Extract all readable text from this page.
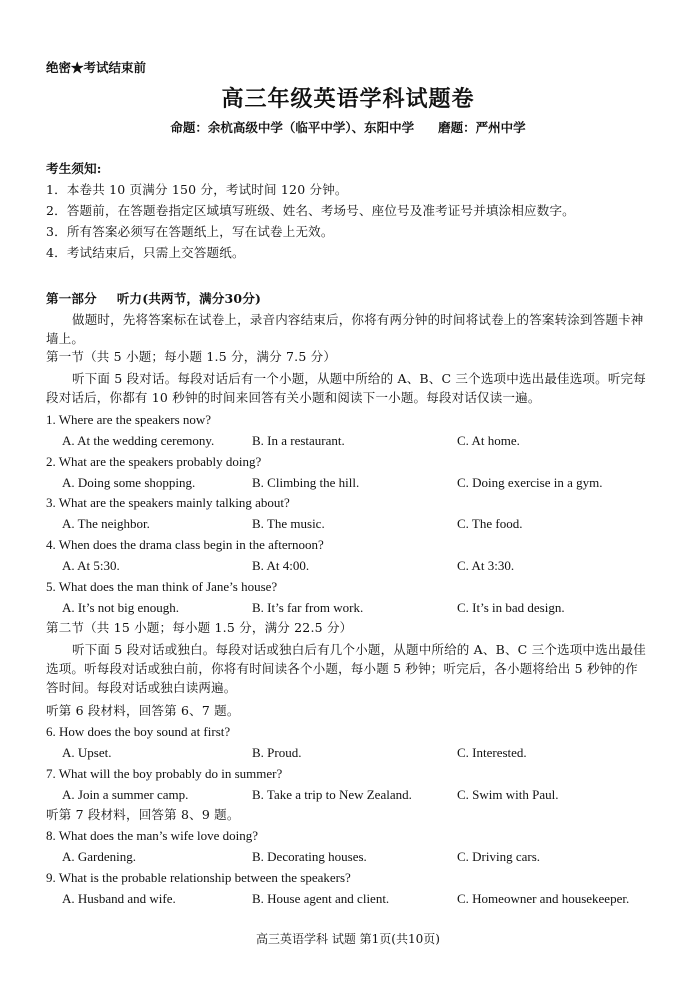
绝密★考试结束前
高三年级英语学科试题卷
命题：余杭高级中学（临平中学）、东阳中学 磨题：严州中学
考生须知:
1．本卷共 10 页满分 150 分，考试时间 120 分钟。
2．答题前，在答题卷指定区域填写班级、姓名、考场号、座位号及准考证号并填涂相应数字。
3．所有答案必须写在答题纸上，写在试卷上无效。
4．考试结束后，只需上交答题纸。
第一部分 听力(共两节，满分30分)
做题时，先将答案标在试卷上，录音内容结束后，你将有两分钟的时间将试卷上的答案转涂到答题卡神墙上。
第一节（共 5 小题；每小题 1.5 分，满分 7.5 分）
听下面 5 段对话。每段对话后有一个小题，从题中所给的 A、B、C 三个选项中选出最佳选项。听完每段对话后，你都有 10 秒钟的时间来回答有关小题和阅读下一小题。每段对话仅读一遍。
1. Where are the speakers now?
A. At the wedding ceremony.	B. In a restaurant.	C. At home.
2. What are the speakers probably doing?
A. Doing some shopping.	B. Climbing the hill.	C. Doing exercise in a gym.
3. What are the speakers mainly talking about?
A. The neighbor.	B. The music.	C. The food.
4. When does the drama class begin in the afternoon?
A. At 5:30.	B. At 4:00.	C. At 3:30.
5. What does the man think of Jane’s house?
A. It’s not big enough.	B. It’s far from work.	C. It’s in bad design.
第二节（共 15 小题；每小题 1.5 分，满分 22.5 分）
听下面 5 段对话或独白。每段对话或独白后有几个小题，从题中所给的 A、B、C 三个选项中选出最佳选项。听每段对话或独白前，你将有时间读各个小题，每小题 5 秒钟；听完后，各小题将给出 5 秒钟的作答时间。每段对话或独白读两遍。
听第 6 段材料，回答第 6、7 题。
6. How does the boy sound at first?
A. Upset.	B. Proud.	C. Interested.
7. What will the boy probably do in summer?
A. Join a summer camp.	B. Take a trip to New Zealand.	C. Swim with Paul.
听第 7 段材料，回答第 8、9 题。
8. What does the man’s wife love doing?
A. Gardening.	B. Decorating houses.	C. Driving cars.
9. What is the probable relationship between the speakers?
A. Husband and wife.	B. House agent and client.	C. Homeowner and housekeeper.
高三英语学科 试题 第1页(共10页)
